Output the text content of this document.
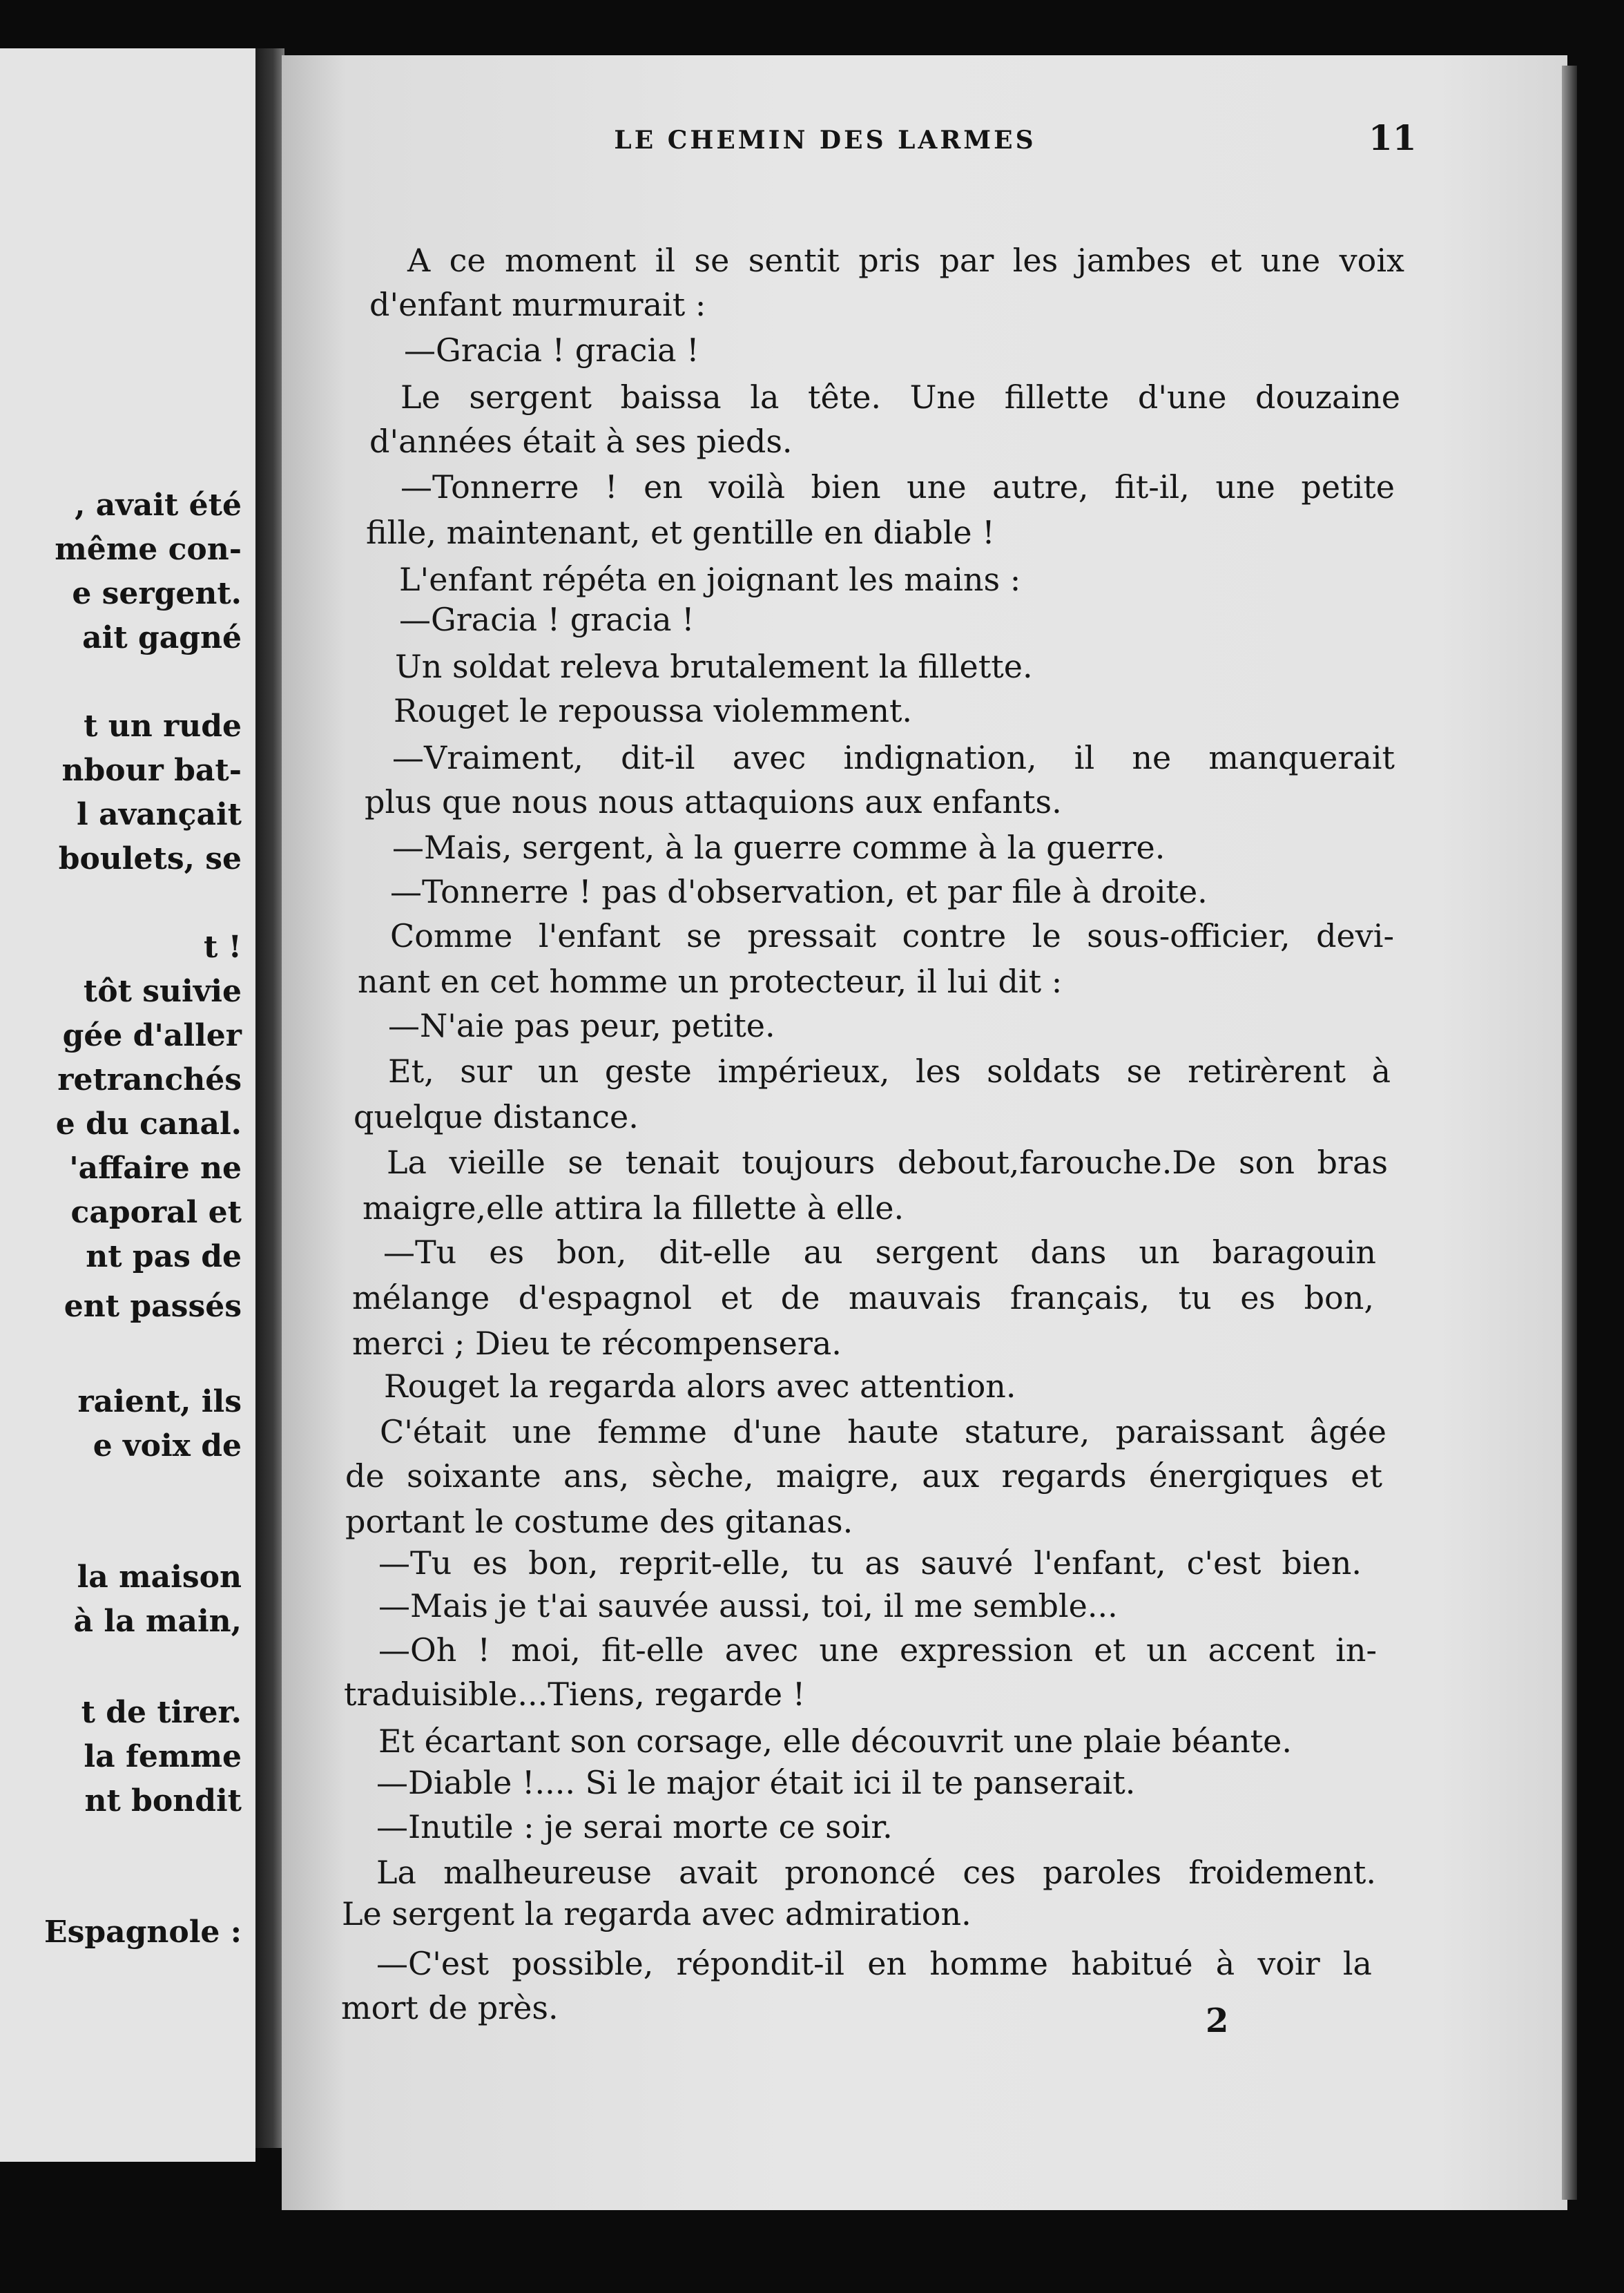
, avait été
même con-
e sergent.
ait gagné
t un rude
nbour bat-
l avançait
boulets, se
t !
tôt suivie
gée d'aller
retranchés
e du canal.
'affaire ne
caporal et
nt pas de
ent passés
raient, ils
e voix de
la maison
à la main,
t de tirer.
la femme
nt bondit
Espagnole :
LE CHEMIN DES LARMES	11
A ce moment il se sentit pris par les jambes et une voix
d'enfant murmurait :
—Gracia ! gracia !
Le sergent baissa la tête. Une fillette d'une douzaine
d'années était à ses pieds.
—Tonnerre ! en voilà bien une autre, fit-il, une petite
fille, maintenant, et gentille en diable !
L'enfant répéta en joignant les mains :
—Gracia ! gracia !
Un soldat releva brutalement la fillette.
Rouget le repoussa violemment.
—Vraiment, dit-il avec indignation, il ne manquerait
plus que nous nous attaquions aux enfants.
—Mais, sergent, à la guerre comme à la guerre.
—Tonnerre ! pas d'observation, et par file à droite.
Comme l'enfant se pressait contre le sous-officier, devi-
nant en cet homme un protecteur, il lui dit :
—N'aie pas peur, petite.
Et, sur un geste impérieux, les soldats se retirèrent à
quelque distance.
La vieille se tenait toujours debout,farouche.De son bras
maigre,elle attira la fillette à elle.
—Tu es bon, dit-elle au sergent dans un baragouin
mélange d'espagnol et de mauvais français, tu es bon,
merci ; Dieu te récompensera.
Rouget la regarda alors avec attention.
C'était une femme d'une haute stature, paraissant âgée
de soixante ans, sèche, maigre, aux regards énergiques et
portant le costume des gitanas.
—Tu es bon, reprit-elle, tu as sauvé l'enfant, c'est bien.
—Mais je t'ai sauvée aussi, toi, il me semble...
—Oh ! moi, fit-elle avec une expression et un accent in-
traduisible...Tiens, regarde !
Et écartant son corsage, elle découvrit une plaie béante.
—Diable !.... Si le major était ici il te panserait.
—Inutile : je serai morte ce soir.
La malheureuse avait prononcé ces paroles froidement.
Le sergent la regarda avec admiration.
—C'est possible, répondit-il en homme habitué à voir la
mort de près.	2
